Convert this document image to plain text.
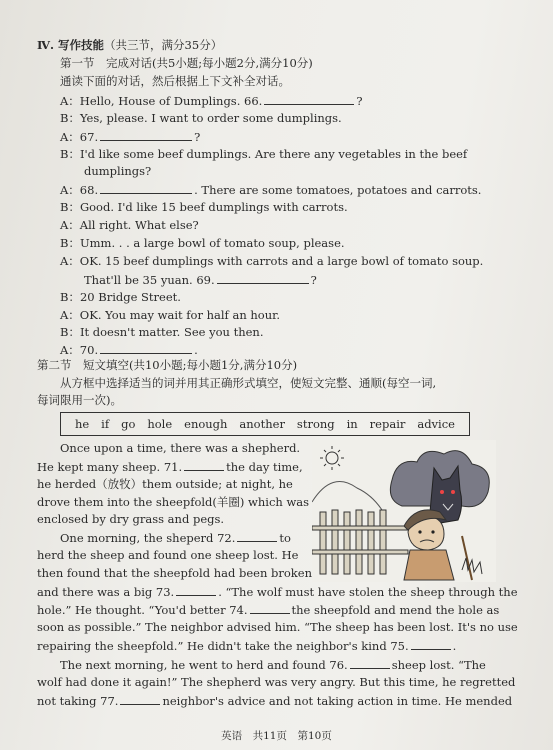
Ⅳ. 写作技能（共三节，满分35分）
第一节　完成对话(共5小题;每小题2分,满分10分)
通读下面的对话，然后根据上下文补全对话。
A：Hello, House of Dumplings. 66.	?
B：Yes, please. I want to order some dumplings.
A：67.	?
B：I'd like some beef dumplings. Are there any vegetables in the beef
dumplings?
A：68.	. There are some tomatoes, potatoes and carrots.
B：Good. I'd like 15 beef dumplings with carrots.
A：All right. What else?
B：Umm. . . a large bowl of tomato soup, please.
A：OK. 15 beef dumplings with carrots and a large bowl of tomato soup.
That'll be 35 yuan. 69.	?
B：20 Bridge Street.
A：OK. You may wait for half an hour.
B：It doesn't matter. See you then.
A：70.	.
第二节　短文填空(共10小题;每小题1分,满分10分)
从方框中选择适当的词并用其正确形式填空，使短文完整、通顺(每空一词,
每词限用一次)。
he if go hole enough another strong in repair advice
Once upon a time, there was a shepherd.
He kept many sheep. 71.	the day time,
he herded（放牧）them outside; at night, he
drove them into the sheepfold(羊圈) which was
enclosed by dry grass and pegs.
One morning, the sheperd 72.	to
herd the sheep and found one sheep lost. He
then found that the sheepfold had been broken
and there was a big 73.	. “The wolf must have stolen the sheep through the
hole.” He thought. “You'd better 74.	the sheepfold and mend the hole as
soon as possible.” The neighbor advised him. “The sheep has been lost. It's no use
repairing the sheepfold.” He didn't take the neighbor's kind 75.	.
The next morning, he went to herd and found 76.	sheep lost. “The
wolf had done it again!” The shepherd was very angry. But this time, he regretted
not taking 77.	neighbor's advice and not taking action in time. He mended
英语　共11页　第10页
